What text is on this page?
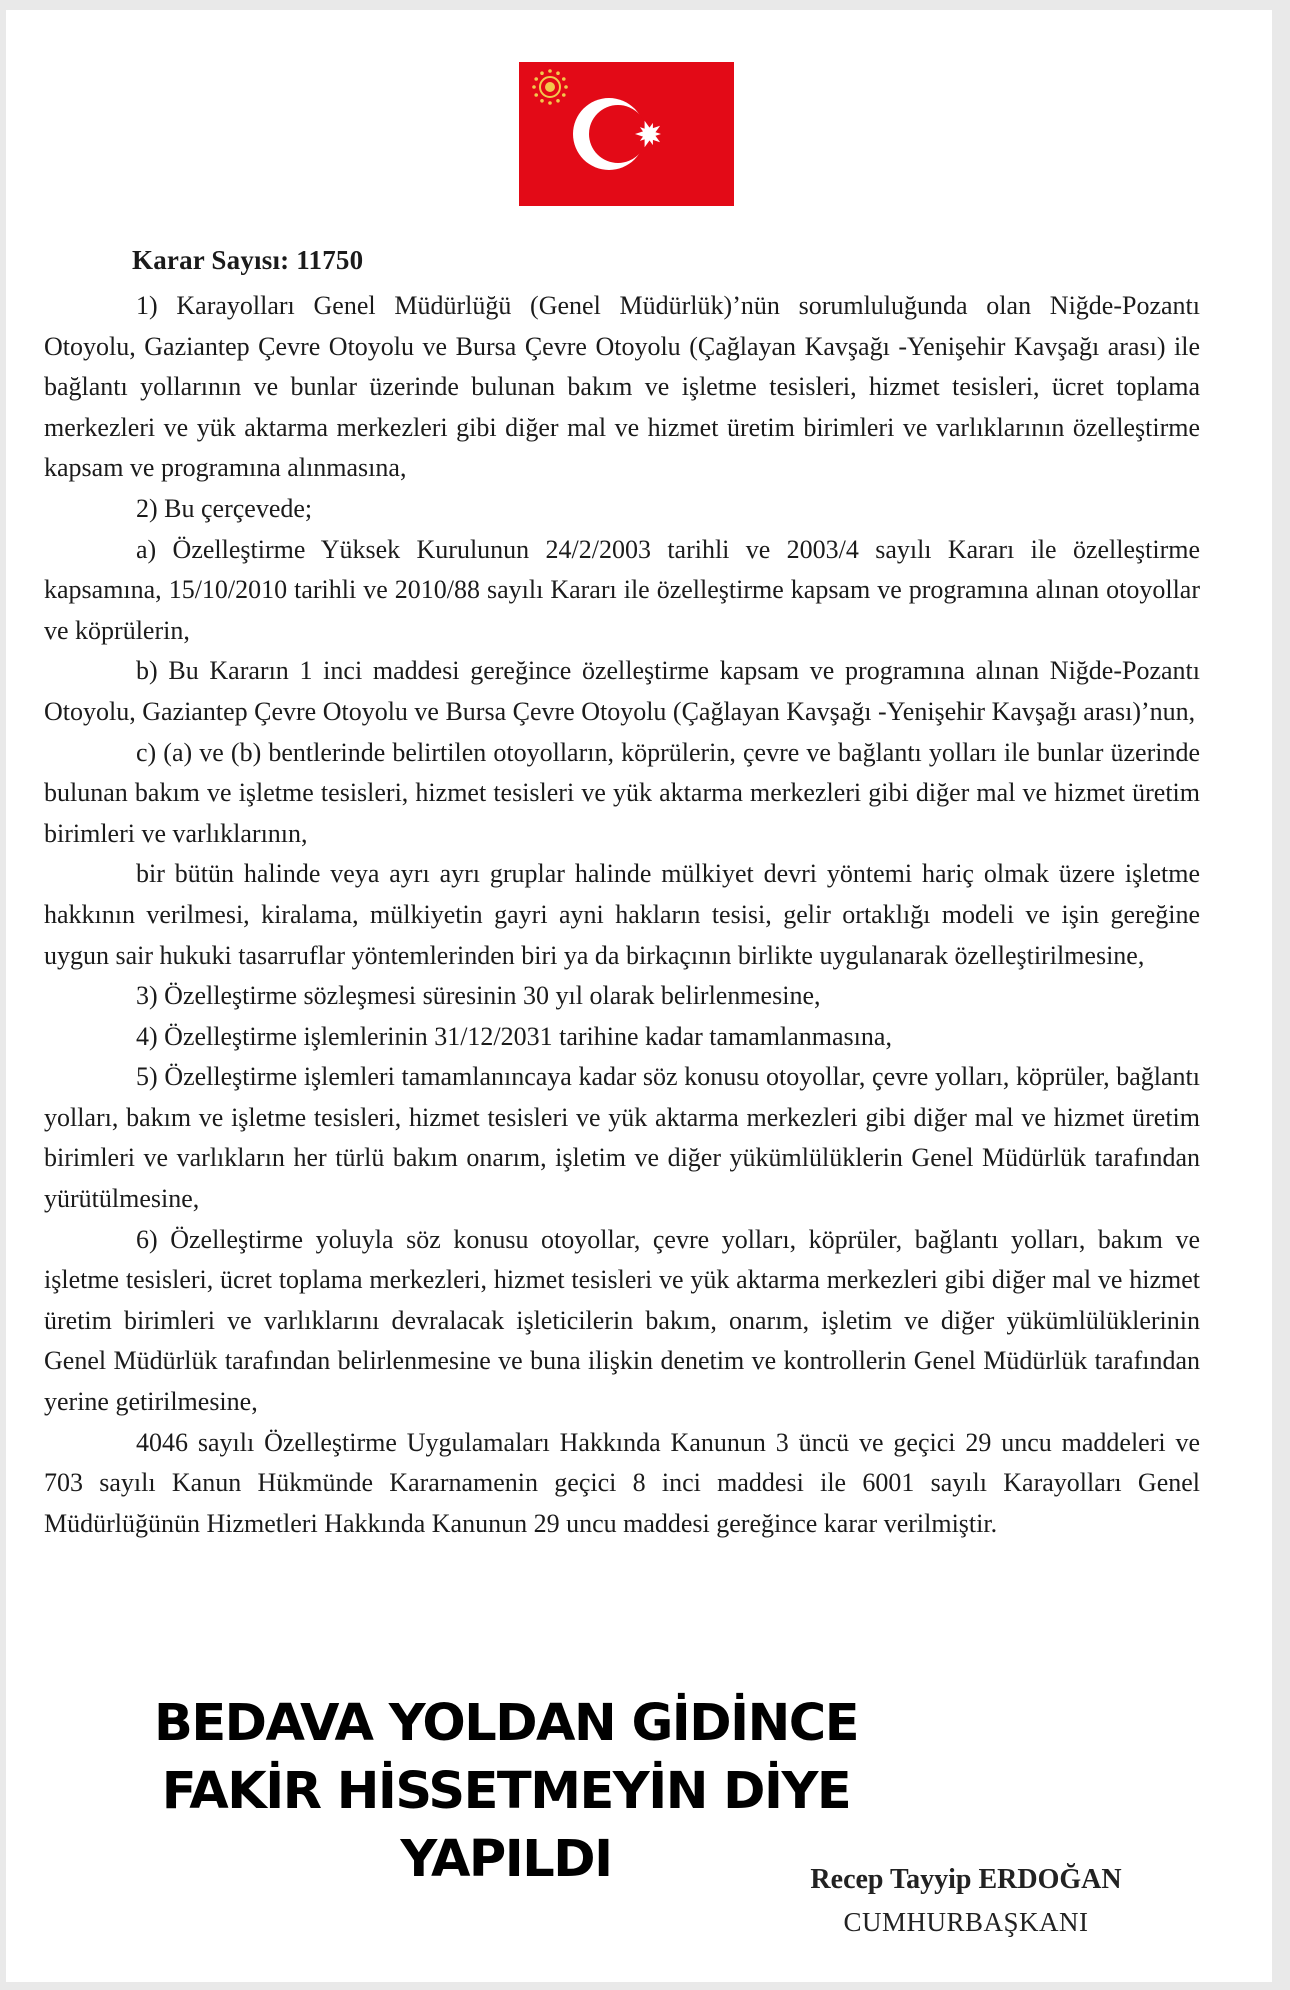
Karar Sayısı: 11750

1) Karayolları Genel Müdürlüğü (Genel Müdürlük)’nün sorumluluğunda olan Niğde-Pozantı Otoyolu, Gaziantep Çevre Otoyolu ve Bursa Çevre Otoyolu (Çağlayan Kavşağı -Yenişehir Kavşağı arası) ile bağlantı yollarının ve bunlar üzerinde bulunan bakım ve işletme tesisleri, hizmet tesisleri, ücret toplama merkezleri ve yük aktarma merkezleri gibi diğer mal ve hizmet üretim birimleri ve varlıklarının özelleştirme kapsam ve programına alınmasına,

2) Bu çerçevede;

a) Özelleştirme Yüksek Kurulunun 24/2/2003 tarihli ve 2003/4 sayılı Kararı ile özelleştirme kapsamına, 15/10/2010 tarihli ve 2010/88 sayılı Kararı ile özelleştirme kapsam ve programına alınan otoyollar ve köprülerin,

b) Bu Kararın 1 inci maddesi gereğince özelleştirme kapsam ve programına alınan Niğde-Pozantı Otoyolu, Gaziantep Çevre Otoyolu ve Bursa Çevre Otoyolu (Çağlayan Kavşağı -Yenişehir Kavşağı arası)’nun,

c) (a) ve (b) bentlerinde belirtilen otoyolların, köprülerin, çevre ve bağlantı yolları ile bunlar üzerinde bulunan bakım ve işletme tesisleri, hizmet tesisleri ve yük aktarma merkezleri gibi diğer mal ve hizmet üretim birimleri ve varlıklarının,

bir bütün halinde veya ayrı ayrı gruplar halinde mülkiyet devri yöntemi hariç olmak üzere işletme hakkının verilmesi, kiralama, mülkiyetin gayri ayni hakların tesisi, gelir ortaklığı modeli ve işin gereğine uygun sair hukuki tasarruflar yöntemlerinden biri ya da birkaçının birlikte uygulanarak özelleştirilmesine,

3) Özelleştirme sözleşmesi süresinin 30 yıl olarak belirlenmesine,

4) Özelleştirme işlemlerinin 31/12/2031 tarihine kadar tamamlanmasına,

5) Özelleştirme işlemleri tamamlanıncaya kadar söz konusu otoyollar, çevre yolları, köprüler, bağlantı yolları, bakım ve işletme tesisleri, hizmet tesisleri ve yük aktarma merkezleri gibi diğer mal ve hizmet üretim birimleri ve varlıkların her türlü bakım onarım, işletim ve diğer yükümlülüklerin Genel Müdürlük tarafından yürütülmesine,

6) Özelleştirme yoluyla söz konusu otoyollar, çevre yolları, köprüler, bağlantı yolları, bakım ve işletme tesisleri, ücret toplama merkezleri, hizmet tesisleri ve yük aktarma merkezleri gibi diğer mal ve hizmet üretim birimleri ve varlıklarını devralacak işleticilerin bakım, onarım, işletim ve diğer yükümlülüklerinin Genel Müdürlük tarafından belirlenmesine ve buna ilişkin denetim ve kontrollerin Genel Müdürlük tarafından yerine getirilmesine,

4046 sayılı Özelleştirme Uygulamaları Hakkında Kanunun 3 üncü ve geçici 29 uncu maddeleri ve 703 sayılı Kanun Hükmünde Kararnamenin geçici 8 inci maddesi ile 6001 sayılı Karayolları Genel Müdürlüğünün Hizmetleri Hakkında Kanunun 29 uncu maddesi gereğince karar verilmiştir.

BEDAVA YOLDAN GİDİNCE
FAKİR HİSSETMEYİN DİYE
YAPILDI	Recep Tayyip ERDOĞAN
CUMHURBAŞKANI
